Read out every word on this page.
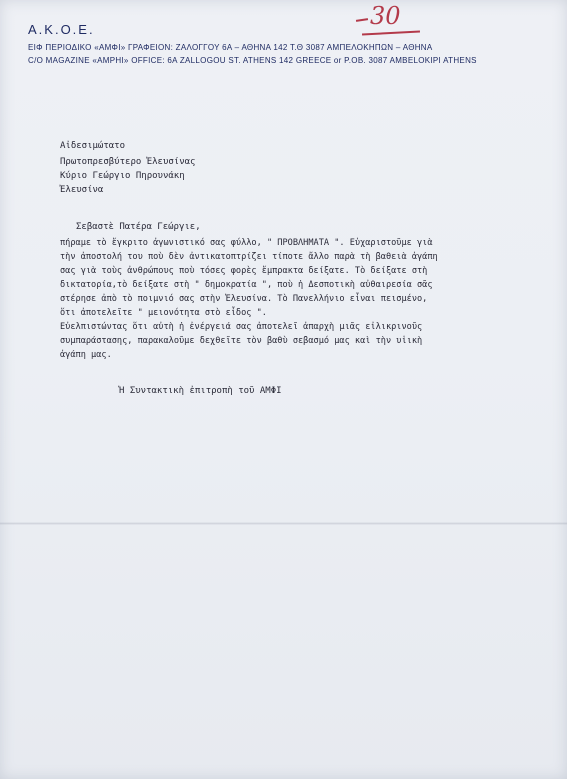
Α.Κ.Ο.Ε.
ΕΙΦ ΠΕΡΙΟΔΙΚΟ «ΑΜΦΙ» ΓΡΑΦΕΙΟΝ: ΖΑΛΟΓΓΟΥ 6Α – ΑΘΗΝΑ 142 Τ.Θ 3087 ΑΜΠΕΛΟΚΗΠΩΝ – ΑΘΗΝΑ
C/O MAGAZINE «AMPHI» OFFICE: 6A ZALLOGOU ST. ATHENS 142 GREECE or P.OB. 3087 AMBELOKIPI ATHENS
30
Αἰδεσιμώτατο
Πρωτοπρεσβύτερο Ἐλευσίνας
Κύριο Γεώργιο Πηρουνάκη
Ἐλευσίνα
Σεβαστὲ Πατέρα Γεώργιε,
πήραμε τὸ ἔγκριτο ἀγωνιστικό σας φύλλο, " ΠΡΟΒΛΗΜΑΤΑ ". Εὐχαριστοῦμε γιὰ
τὴν ἀποστολή του ποὺ δὲν ἀντικατοπτρίζει τίποτε ἄλλο παρὰ τὴ βαθειὰ ἀγάπη
σας γιὰ τοὺς ἀνθρώπους ποὺ τόσες φορὲς ἔμπρακτα δείξατε. Τὸ δείξατε στὴ
δικτατορία,τὸ δείξατε στὴ " δημοκρατία ", ποὺ ἡ Δεσποτικὴ αὐθαιρεσία σᾶς
στέρησε ἀπὸ τὸ ποιμνιό σας στὴν Ἐλευσίνα. Τὸ Πανελλήνιο εἶναι πεισμένο,
ὅτι ἀποτελεῖτε " μειονότητα στὸ εἶδος ".
Εὐελπιστώντας ὅτι αὐτὴ ἡ ἐνέργειά σας ἀποτελεῖ ἀπαρχὴ μιᾶς εἰλικρινοῦς
συμπαράστασης, παρακαλοῦμε δεχθεῖτε τὸν βαθὺ σεβασμό μας καὶ τὴν υἱικὴ
ἀγάπη μας.
Ἡ Συντακτικὴ ἐπιτροπὴ τοῦ ΑΜΦΙ
